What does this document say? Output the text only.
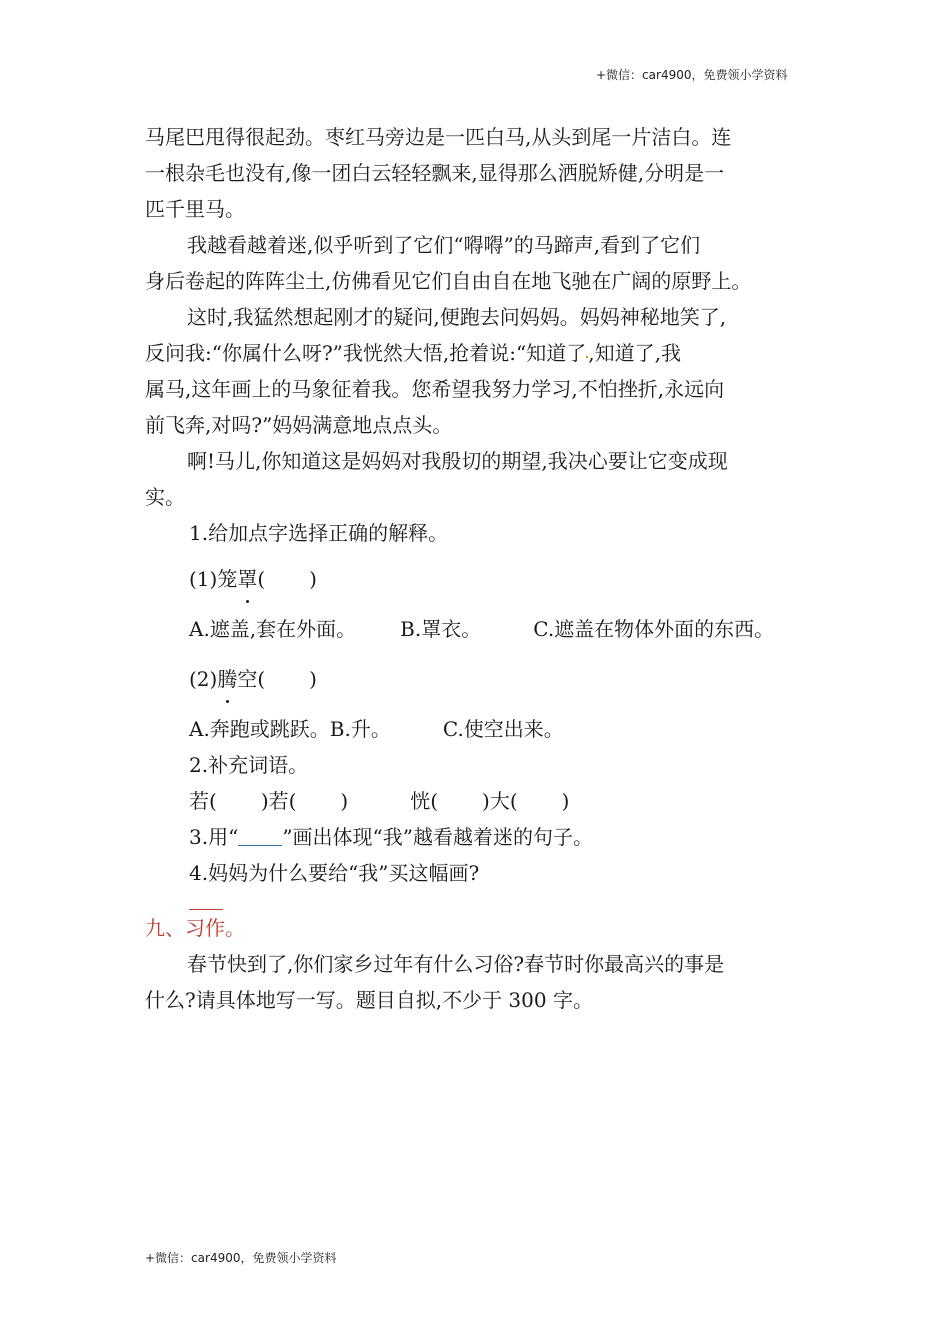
+微信：car4900，免费领小学资料
马尾巴甩得很起劲。枣红马旁边是一匹白马,从头到尾一片洁白。连
一根杂毛也没有,像一团白云轻轻飘来,显得那么洒脱矫健,分明是一
匹千里马。
我越看越着迷,似乎听到了它们“嘚嘚”的马蹄声,看到了它们
身后卷起的阵阵尘土,仿佛看见它们自由自在地飞驰在广阔的原野上。
这时,我猛然想起刚才的疑问,便跑去问妈妈。妈妈神秘地笑了,
反问我:“你属什么呀?”我恍然大悟,抢着说:“知道了 ,知道了,我
属马,这年画上的马象征着我。您希望我努力学习,不怕挫折,永远向
前飞奔,对吗?”妈妈满意地点点头。
啊!马儿,你知道这是妈妈对我殷切的期望,我决心要让它变成现
实。
1.给加点字选择正确的解释。
(1)笼罩( )
A.遮盖,套在外面。 B.罩衣。	C.遮盖在物体外面的东西。
(2)腾空( )
A.奔跑或跳跃。B.升。	C.使空出来。
2.补充词语。
若( )若( )	恍( )大( )
3.用“ ”画出体现“我”越看越着迷的句子。
4.妈妈为什么要给“我”买这幅画?
九、习作。
春节快到了,你们家乡过年有什么习俗?春节时你最高兴的事是
什么?请具体地写一写。题目自拟,不少于 300 字。
+微信：car4900，免费领小学资料
